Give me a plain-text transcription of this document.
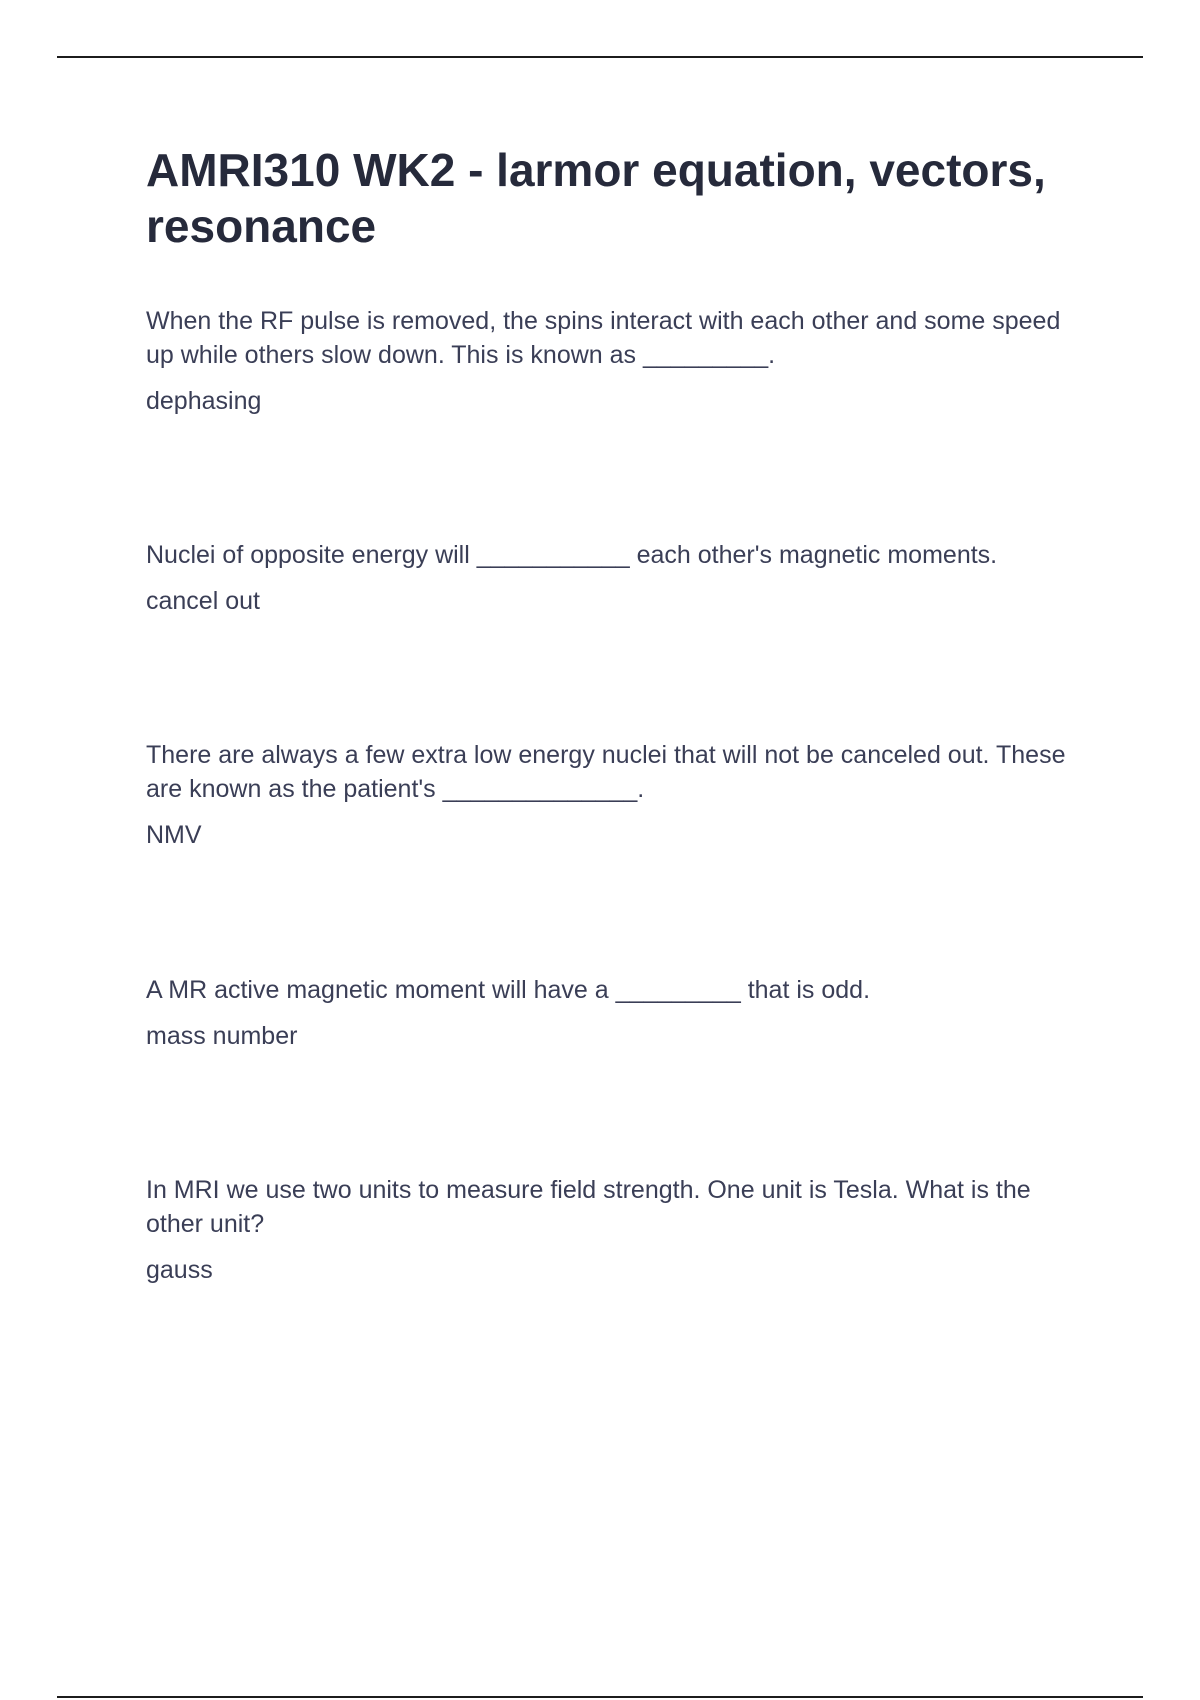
AMRI310 WK2 - larmor equation, vectors, resonance

When the RF pulse is removed, the spins interact with each other and some speed up while others slow down. This is known as _________.

dephasing

Nuclei of opposite energy will ___________ each other's magnetic moments.

cancel out

There are always a few extra low energy nuclei that will not be canceled out. These are known as the patient's ______________.

NMV

A MR active magnetic moment will have a _________ that is odd.

mass number

In MRI we use two units to measure field strength. One unit is Tesla. What is the other unit?

gauss
